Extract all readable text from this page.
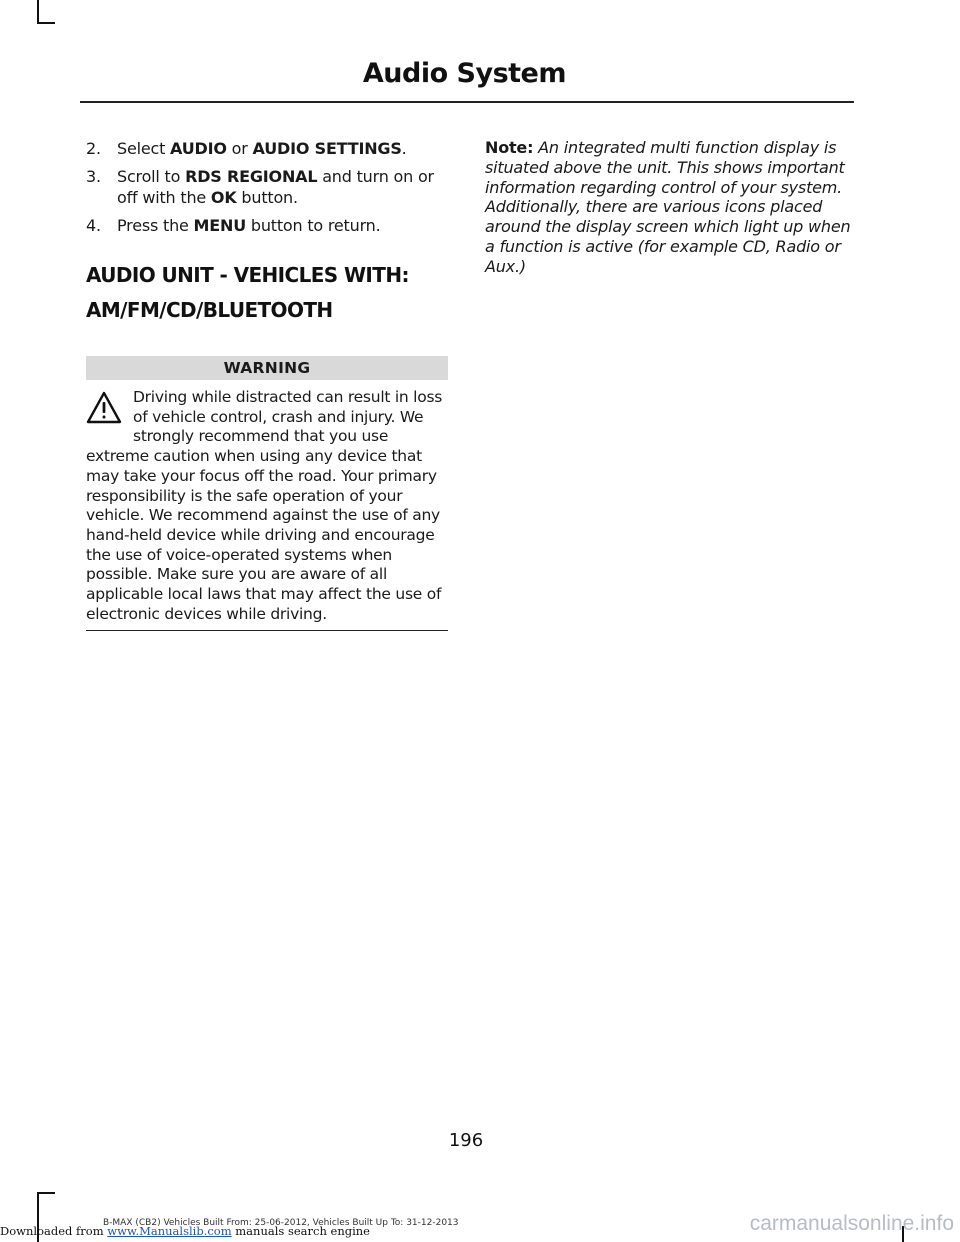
Audio System
2. Select AUDIO or AUDIO SETTINGS.
3. Scroll to RDS REGIONAL and turn on or off with the OK button.
4. Press the MENU button to return.
AUDIO UNIT - VEHICLES WITH:
AM/FM/CD/BLUETOOTH
WARNING
Driving while distracted can result in loss of vehicle control, crash and injury. We strongly recommend that you use extreme caution when using any device that may take your focus off the road. Your primary responsibility is the safe operation of your vehicle. We recommend against the use of any hand-held device while driving and encourage the use of voice-operated systems when possible. Make sure you are aware of all applicable local laws that may affect the use of electronic devices while driving.

Note: An integrated multi function display is situated above the unit. This shows important information regarding control of your system. Additionally, there are various icons placed around the display screen which light up when a function is active (for example CD, Radio or Aux.)

196
B-MAX (CB2) Vehicles Built From: 25-06-2012, Vehicles Built Up To: 31-12-2013
Downloaded from www.Manualslib.com manuals search engine	carmanualsonline.info
